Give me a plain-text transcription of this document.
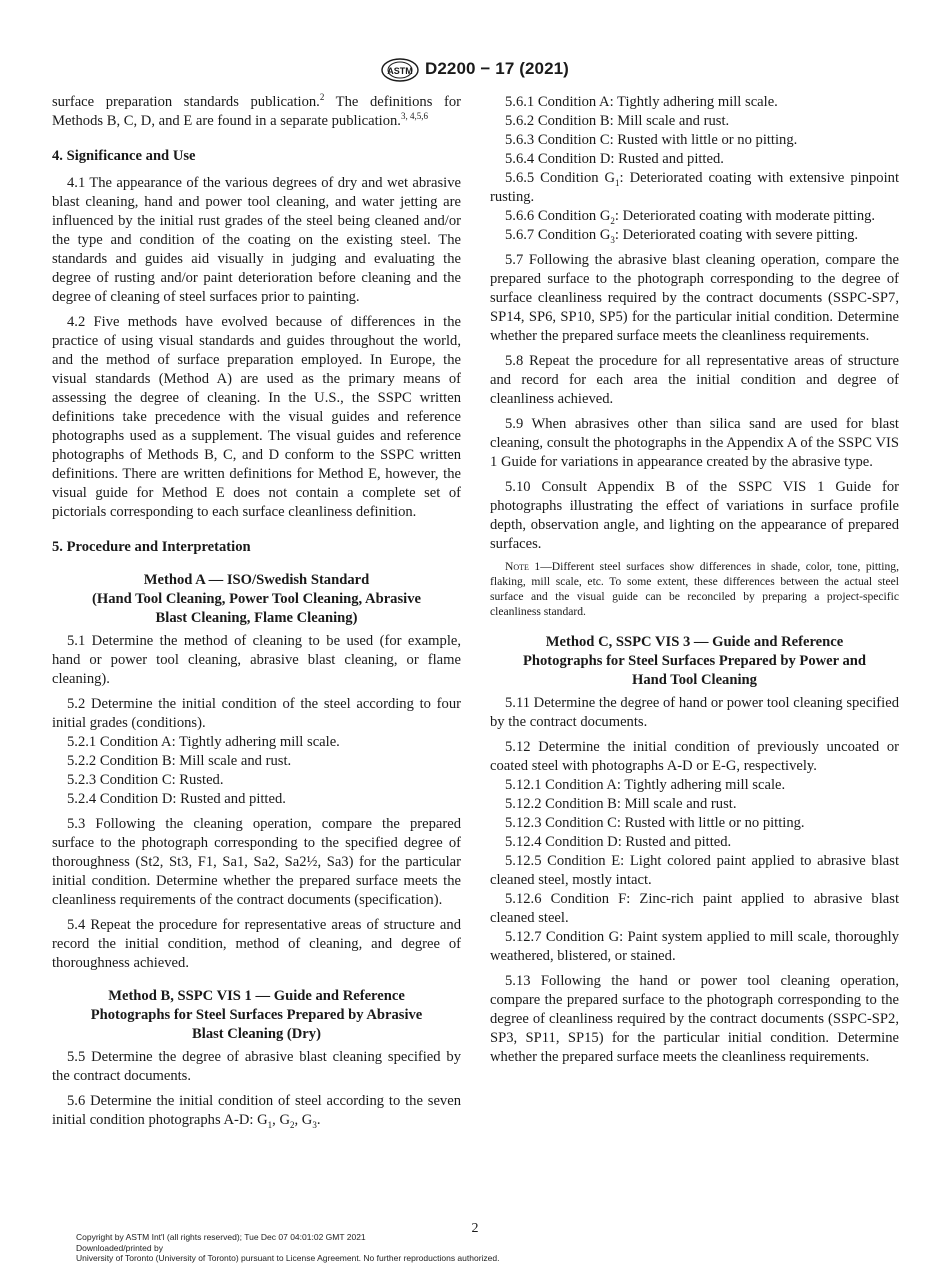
ASTM D2200 − 17 (2021)

surface preparation standards publication.$^2$ The definitions for Methods B, C, D, and E are found in a separate publication.$^{3, 4,5,6}$

4. Significance and Use

4.1 The appearance of the various degrees of dry and wet abrasive blast cleaning, hand and power tool cleaning, and water jetting are influenced by the initial rust grades of the steel being cleaned and/or the type and condition of the coating on the existing steel. The standards and guides aid visually in judging and evaluating the degree of rusting and/or paint deterioration before cleaning and the degree of cleaning of steel surfaces prior to painting.

4.2 Five methods have evolved because of differences in the practice of using visual standards and guides throughout the world, and the method of surface preparation employed. In Europe, the visual standards (Method A) are used as the primary means of assessing the degree of cleaning. In the U.S., the SSPC written definitions take precedence with the visual guides and reference photographs used as a supplement. The visual guides and reference photographs of Methods B, C, and D conform to the SSPC written definitions. There are written definitions for Method E, however, the visual guide for Method E does not contain a complete set of pictorials corresponding to each surface cleanliness definition.

5. Procedure and Interpretation

Method A — ISO/Swedish Standard
(Hand Tool Cleaning, Power Tool Cleaning, Abrasive
Blast Cleaning, Flame Cleaning)

5.1 Determine the method of cleaning to be used (for example, hand or power tool cleaning, abrasive blast cleaning, or flame cleaning).

5.2 Determine the initial condition of the steel according to four initial grades (conditions).

5.2.1 Condition A: Tightly adhering mill scale.

5.2.2 Condition B: Mill scale and rust.

5.2.3 Condition C: Rusted.

5.2.4 Condition D: Rusted and pitted.

5.3 Following the cleaning operation, compare the prepared surface to the photograph corresponding to the specified degree of thoroughness (St2, St3, F1, Sa1, Sa2, Sa2½, Sa3) for the particular initial condition. Determine whether the prepared surface meets the cleanliness requirements of the contract documents (specification).

5.4 Repeat the procedure for representative areas of structure and record the initial condition, method of cleaning, and degree of thoroughness achieved.

Method B, SSPC VIS 1 — Guide and Reference
Photographs for Steel Surfaces Prepared by Abrasive
Blast Cleaning (Dry)

5.5 Determine the degree of abrasive blast cleaning specified by the contract documents.

5.6 Determine the initial condition of steel according to the seven initial condition photographs A-D: $G_1$, $G_2$, $G_3$.

5.6.1 Condition A: Tightly adhering mill scale.

5.6.2 Condition B: Mill scale and rust.

5.6.3 Condition C: Rusted with little or no pitting.

5.6.4 Condition D: Rusted and pitted.

5.6.5 Condition $G_1$: Deteriorated coating with extensive pinpoint rusting.

5.6.6 Condition $G_2$: Deteriorated coating with moderate pitting.

5.6.7 Condition $G_3$: Deteriorated coating with severe pitting.

5.7 Following the abrasive blast cleaning operation, compare the prepared surface to the photograph corresponding to the degree of surface cleanliness required by the contract documents (SSPC-SP7, SP14, SP6, SP10, SP5) for the particular initial condition. Determine whether the prepared surface meets the cleanliness requirements.

5.8 Repeat the procedure for all representative areas of structure and record for each area the initial condition and degree of cleanliness achieved.

5.9 When abrasives other than silica sand are used for blast cleaning, consult the photographs in the Appendix A of the SSPC VIS 1 Guide for variations in appearance created by the abrasive type.

5.10 Consult Appendix B of the SSPC VIS 1 Guide for photographs illustrating the effect of variations in surface profile depth, observation angle, and lighting on the appearance of prepared surfaces.

Note 1—Different steel surfaces show differences in shade, color, tone, pitting, flaking, mill scale, etc. To some extent, these differences between the actual steel surface and the visual guide can be reconciled by preparing a project-specific cleanliness standard.

Method C, SSPC VIS 3 — Guide and Reference
Photographs for Steel Surfaces Prepared by Power and
Hand Tool Cleaning

5.11 Determine the degree of hand or power tool cleaning specified by the contract documents.

5.12 Determine the initial condition of previously uncoated or coated steel with photographs A-D or E-G, respectively.

5.12.1 Condition A: Tightly adhering mill scale.

5.12.2 Condition B: Mill scale and rust.

5.12.3 Condition C: Rusted with little or no pitting.

5.12.4 Condition D: Rusted and pitted.

5.12.5 Condition E: Light colored paint applied to abrasive blast cleaned steel, mostly intact.

5.12.6 Condition F: Zinc-rich paint applied to abrasive blast cleaned steel.

5.12.7 Condition G: Paint system applied to mill scale, thoroughly weathered, blistered, or stained.

5.13 Following the hand or power tool cleaning operation, compare the prepared surface to the photograph corresponding to the degree of cleanliness required by the contract documents (SSPC-SP2, SP3, SP11, SP15) for the particular initial condition. Determine whether the prepared surface meets the cleanliness requirements.

2
Copyright by ASTM Int'l (all rights reserved); Tue Dec 07 04:01:02 GMT 2021
Downloaded/printed by
University of Toronto (University of Toronto) pursuant to License Agreement. No further reproductions authorized.
